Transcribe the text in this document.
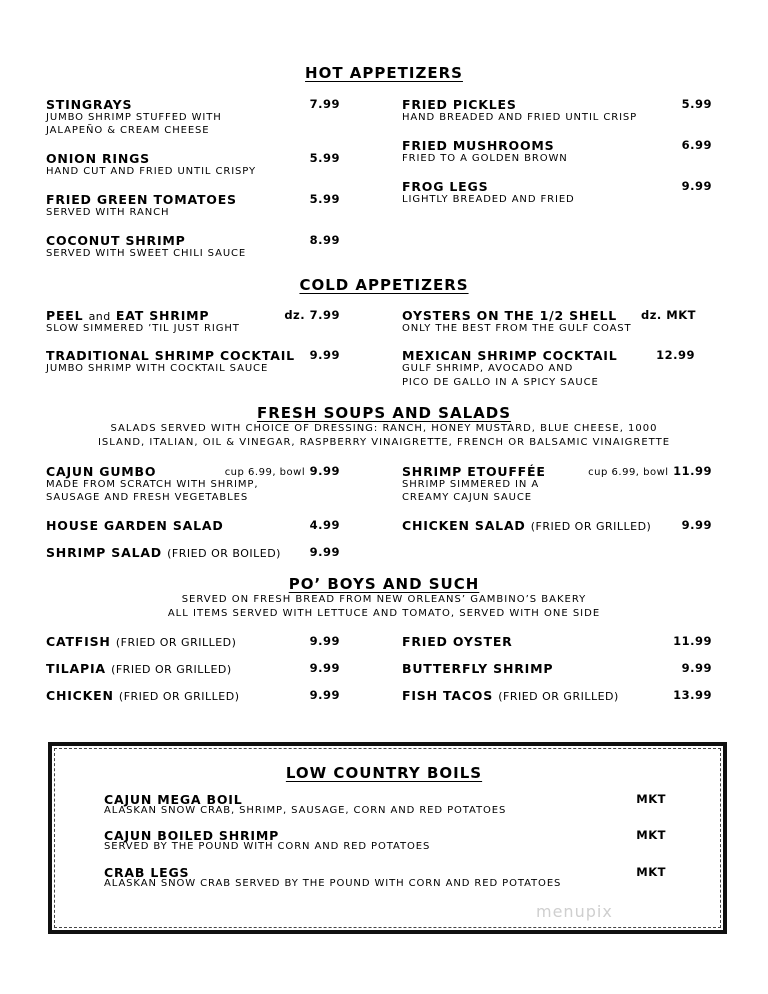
HOT APPETIZERS
STINGRAYS	7.99
JUMBO SHRIMP STUFFED WITH
JALAPEÑO & CREAM CHEESE
ONION RINGS	5.99
HAND CUT AND FRIED UNTIL CRISPY
FRIED GREEN TOMATOES	5.99
SERVED WITH RANCH
COCONUT SHRIMP	8.99
SERVED WITH SWEET CHILI SAUCE
FRIED PICKLES	5.99
HAND BREADED AND FRIED UNTIL CRISP
FRIED MUSHROOMS	6.99
FRIED TO A GOLDEN BROWN
FROG LEGS	9.99
LIGHTLY BREADED AND FRIED
COLD APPETIZERS
PEEL and EAT SHRIMP	dz. 7.99
SLOW SIMMERED ’TIL JUST RIGHT
TRADITIONAL SHRIMP COCKTAIL	9.99
JUMBO SHRIMP WITH COCKTAIL SAUCE
OYSTERS ON THE 1/2 SHELL	dz. MKT
ONLY THE BEST FROM THE GULF COAST
MEXICAN SHRIMP COCKTAIL	12.99
GULF SHRIMP, AVOCADO AND
PICO DE GALLO IN A SPICY SAUCE
FRESH SOUPS AND SALADS
SALADS SERVED WITH CHOICE OF DRESSING: RANCH, HONEY MUSTARD, BLUE CHEESE, 1000
ISLAND, ITALIAN, OIL & VINEGAR, RASPBERRY VINAIGRETTE, FRENCH OR BALSAMIC VINAIGRETTE
CAJUN GUMBO	cup 6.99, bowl 9.99
MADE FROM SCRATCH WITH SHRIMP,
SAUSAGE AND FRESH VEGETABLES
SHRIMP ETOUFFÉE	cup 6.99, bowl 11.99
SHRIMP SIMMERED IN A
CREAMY CAJUN SAUCE
HOUSE GARDEN SALAD	4.99	CHICKEN SALAD (FRIED OR GRILLED)	9.99
SHRIMP SALAD (FRIED OR BOILED)	9.99
PO’ BOYS AND SUCH
SERVED ON FRESH BREAD FROM NEW ORLEANS’ GAMBINO’S BAKERY
ALL ITEMS SERVED WITH LETTUCE AND TOMATO, SERVED WITH ONE SIDE
CATFISH (FRIED OR GRILLED)	9.99
TILAPIA (FRIED OR GRILLED)	9.99
CHICKEN (FRIED OR GRILLED)	9.99
FRIED OYSTER	11.99
BUTTERFLY SHRIMP	9.99
FISH TACOS (FRIED OR GRILLED)	13.99
LOW COUNTRY BOILS
CAJUN MEGA BOIL	MKT
ALASKAN SNOW CRAB, SHRIMP, SAUSAGE, CORN AND RED POTATOES
CAJUN BOILED SHRIMP	MKT
SERVED BY THE POUND WITH CORN AND RED POTATOES
CRAB LEGS	MKT
ALASKAN SNOW CRAB SERVED BY THE POUND WITH CORN AND RED POTATOES
menupix
